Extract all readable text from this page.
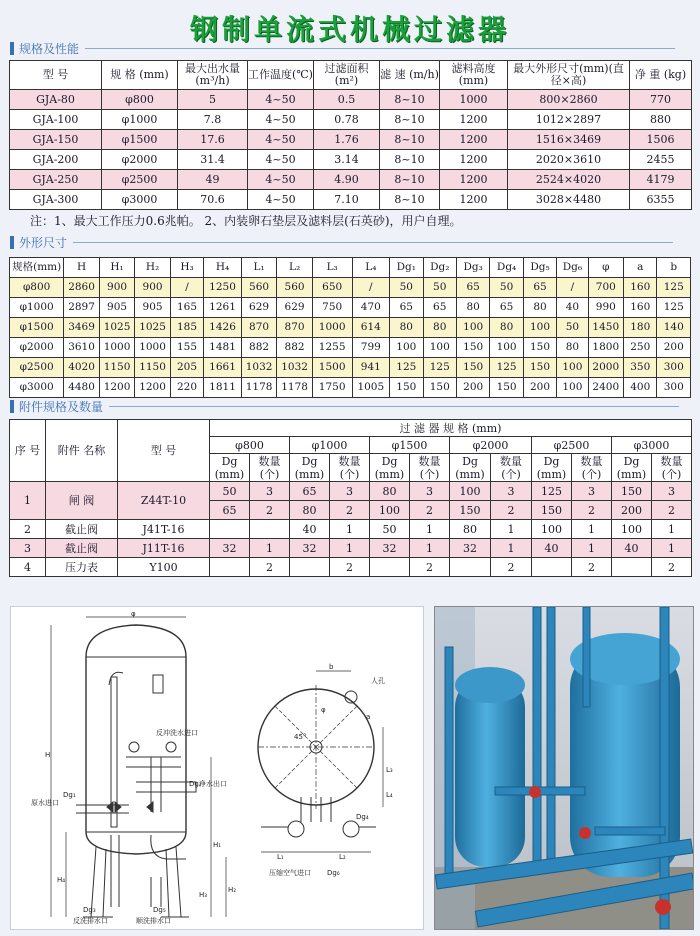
钢制单流式机械过滤器
规格及性能
型 号	规 格 (mm)	最大出水量(m³/h)	工作温度(℃)	过滤面积(m²)	滤 速 (m/h)	滤料高度(mm)	最大外形尺寸(mm)(直径×高)	净 重 (kg)
GJA-80	φ800	5	4~50	0.5	8~10	1000	800×2860	770
GJA-100	φ1000	7.8	4~50	0.78	8~10	1200	1012×2897	880
GJA-150	φ1500	17.6	4~50	1.76	8~10	1200	1516×3469	1506
GJA-200	φ2000	31.4	4~50	3.14	8~10	1200	2020×3610	2455
GJA-250	φ2500	49	4~50	4.90	8~10	1200	2524×4020	4179
GJA-300	φ3000	70.6	4~50	7.10	8~10	1200	3028×4480	6355
注：1、最大工作压力0.6兆帕。 2、内装卵石垫层及滤料层(石英砂)，用户自理。
外形尺寸
规格(mm)	H	H₁	H₂	H₃	H₄	L₁	L₂	L₃	L₄	Dg₁	Dg₂	Dg₃	Dg₄	Dg₅	Dg₆	φ	a	b
φ800	2860	900	900	/	1250	560	560	650	/	50	50	65	50	65	/	700	160	125
φ1000	2897	905	905	165	1261	629	629	750	470	65	65	80	65	80	40	990	160	125
φ1500	3469	1025	1025	185	1426	870	870	1000	614	80	80	100	80	100	50	1450	180	140
φ2000	3610	1000	1000	155	1481	882	882	1255	799	100	100	150	100	150	80	1800	250	200
φ2500	4020	1150	1150	205	1661	1032	1032	1500	941	125	125	150	125	150	100	2000	350	300
φ3000	4480	1200	1200	220	1811	1178	1178	1750	1005	150	150	200	150	200	100	2400	400	300
附件规格及数量
序 号	附件 名称	型 号	过 滤 器 规 格 (mm)											
			φ800		φ1000		φ1500		φ2000		φ2500		φ3000	
			Dg (mm)	数量 (个)	Dg (mm)	数量 (个)	Dg (mm)	数量 (个)	Dg (mm)	数量 (个)	Dg (mm)	数量 (个)	Dg (mm)	数量 (个)
1	闸 阀	Z44T-10	50	3	65	3	80	3	100	3	125	3	150	3
			65	2	80	2	100	2	150	2	150	2	200	2
2	截止阀	J41T-16			40	1	50	1	80	1	100	1	100	1
3	截止阀	J11T-16	32	1	32	1	32	1	32	1	40	1	40	1
4	压力表	Y100		2		2		2		2		2		2
反冲洗水进口
原水进口
Dg₁
Dg₂
净水出口
Dg₃	Dg₅
反洗排水口	顺洗排水口
H
H₁
H₂
H₃
H₄
φ
人孔
φ
45°
b
a
L₁	L₂
L₃
L₄
Dg₄
压缩空气进口 Dg₆
